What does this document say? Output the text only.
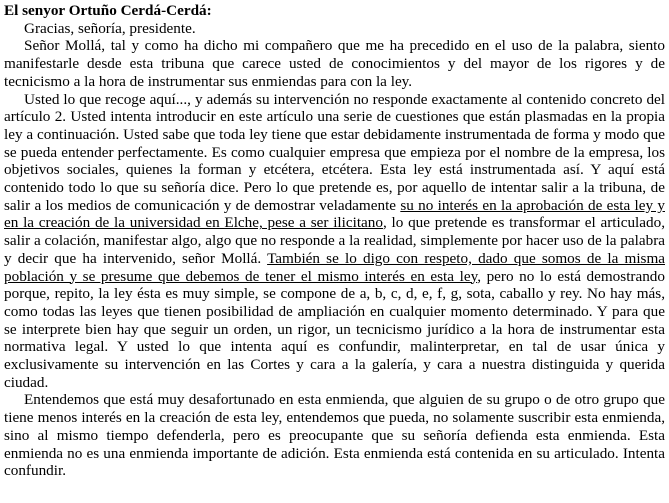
El senyor Ortuño Cerdá-Cerdá:

Gracias, señoría, presidente.

Señor Mollá, tal y como ha dicho mi compañero que me ha precedido en el uso de la palabra, siento manifestarle desde esta tribuna que carece usted de conocimientos y del mayor de los rigores y de tecnicismo a la hora de instrumentar sus enmiendas para con la ley.

Usted lo que recoge aquí..., y además su intervención no responde exactamente al contenido concreto del artículo 2. Usted intenta introducir en este artículo una serie de cuestiones que están plasmadas en la propia ley a continuación. Usted sabe que toda ley tiene que estar debidamente instrumentada de forma y modo que se pueda entender perfectamente. Es como cualquier empresa que empieza por el nombre de la empresa, los objetivos sociales, quienes la forman y etcétera, etcétera. Esta ley está instrumentada así. Y aquí está contenido todo lo que su señoría dice. Pero lo que pretende es, por aquello de intentar salir a la tribuna, de salir a los medios de comunicación y de demostrar veladamente su no interés en la aprobación de esta ley y en la creación de la universidad en Elche, pese a ser ilicitano, lo que pretende es transformar el articulado, salir a colación, manifestar algo, algo que no responde a la realidad, simplemente por hacer uso de la palabra y decir que ha intervenido, señor Mollá. También se lo digo con respeto, dado que somos de la misma población y se presume que debemos de tener el mismo interés en esta ley, pero no lo está demostrando porque, repito, la ley ésta es muy simple, se compone de a, b, c, d, e, f, g, sota, caballo y rey. No hay más, como todas las leyes que tienen posibilidad de ampliación en cualquier momento determinado. Y para que se interprete bien hay que seguir un orden, un rigor, un tecnicismo jurídico a la hora de instrumentar esta normativa legal. Y usted lo que intenta aquí es confundir, malinterpretar, en tal de usar única y exclusivamente su intervención en las Cortes y cara a la galería, y cara a nuestra distinguida y querida ciudad.

Entendemos que está muy desafortunado en esta enmienda, que alguien de su grupo o de otro grupo que tiene menos interés en la creación de esta ley, entendemos que pueda, no solamente suscribir esta enmienda, sino al mismo tiempo defenderla, pero es preocupante que su señoría defienda esta enmienda. Esta enmienda no es una enmienda importante de adición. Esta enmienda está contenida en su articulado. Intenta confundir.
